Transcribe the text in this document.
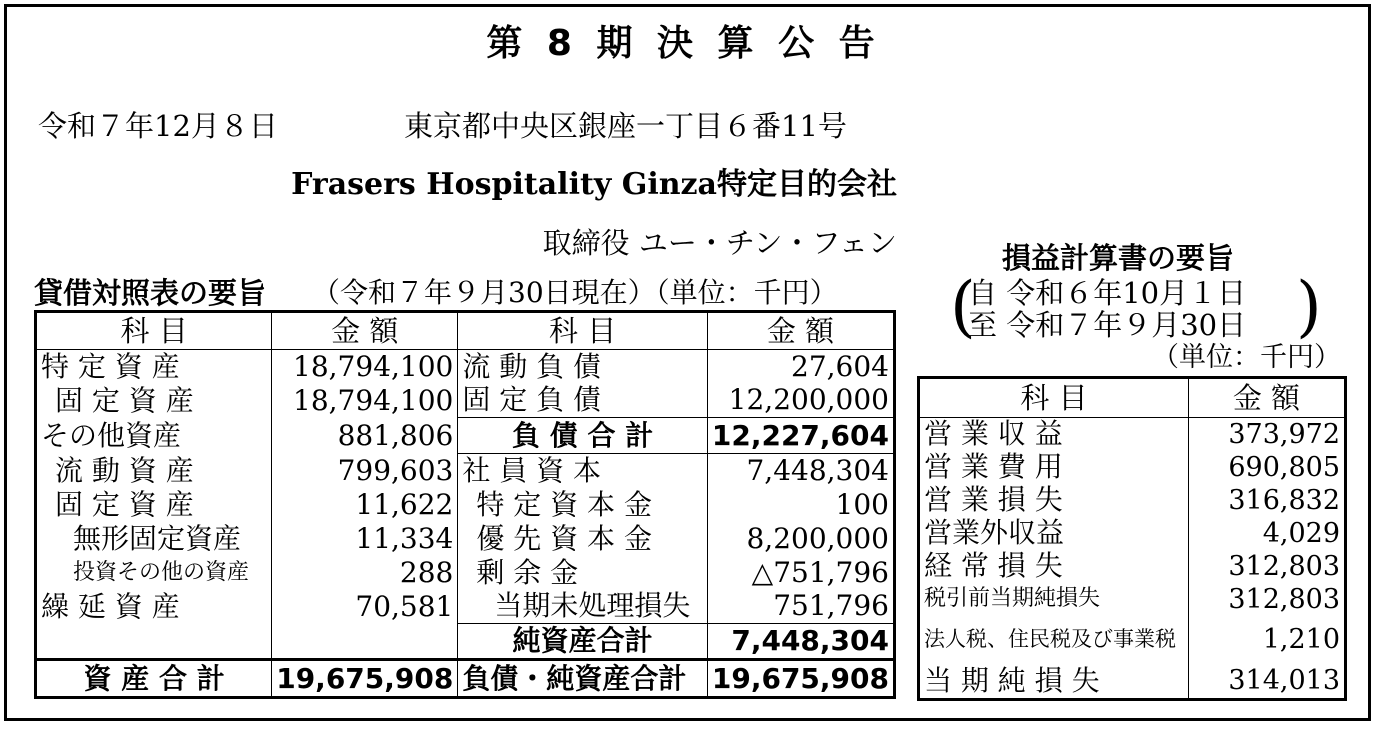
第 8 期 決 算 公 告
令和７年12月８日	東京都中央区銀座一丁目６番11号
Frasers Hospitality Ginza特定目的会社
取締役 ユー・チン・フェン
貸借対照表の要旨 （令和７年９月30日現在）（単位：千円）
損益計算書の要旨
自 令和６年10月１日
至 令和７年９月30日
(	)
（単位：千円）
科 目	金 額	科 目	金 額
特 定 資 産	18,794,100	流 動 負 債	27,604
固 定 資 産	18,794,100	固 定 負 債	12,200,000
その他資産	881,806	負 債 合 計	12,227,604
流 動 資 産	799,603	社 員 資 本	7,448,304
固 定 資 産	11,622	特 定 資 本 金	100
無形固定資産	11,334	優 先 資 本 金	8,200,000
投資その他の資産	288	剰 余 金	△751,796
繰 延 資 産	70,581	当期未処理損失	751,796
		純資産合計	7,448,304
資 産 合 計	19,675,908	負債・純資産合計	19,675,908
科 目	金 額
営 業 収 益	373,972
営 業 費 用	690,805
営 業 損 失	316,832
営業外収益	4,029
経 常 損 失	312,803
税引前当期純損失	312,803
法人税、住民税及び事業税	1,210
当 期 純 損 失	314,013
